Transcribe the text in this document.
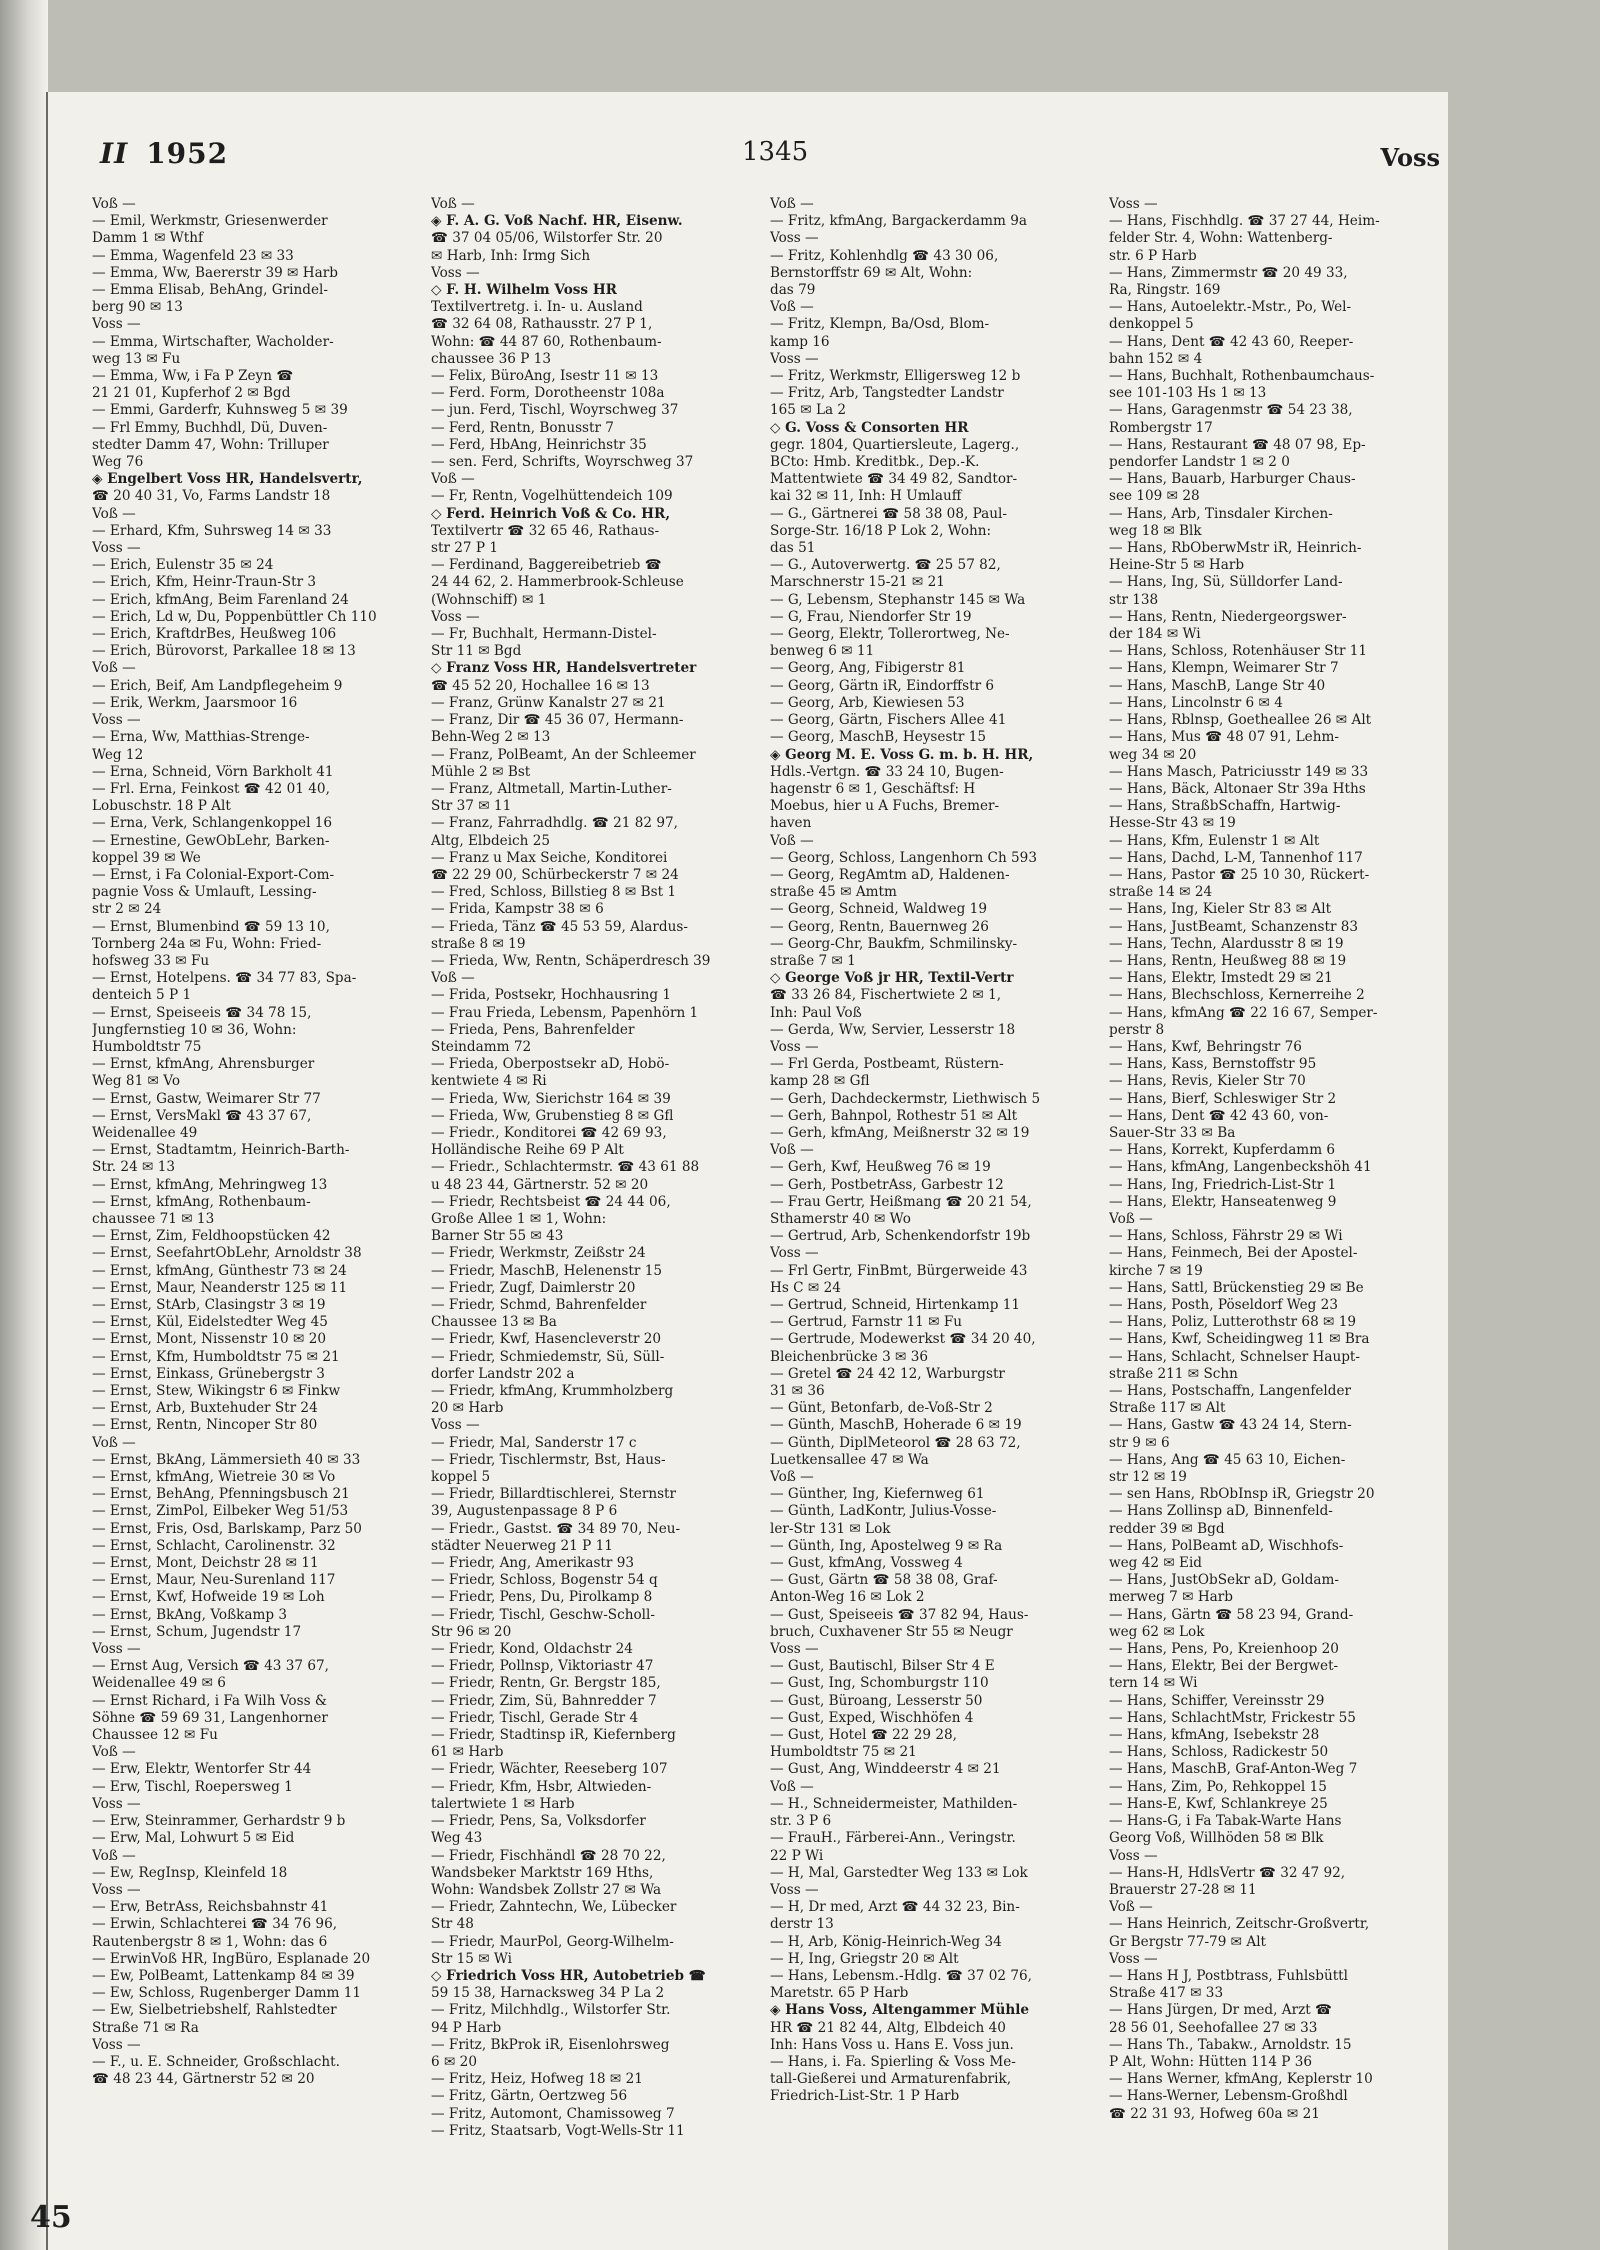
II 1952	1345	Voss
Voß —
— Emil, Werkmstr, Griesenwerder
Damm 1 ✉ Wthf
— Emma, Wagenfeld 23 ✉ 33
— Emma, Ww, Baererstr 39 ✉ Harb
— Emma Elisab, BehAng, Grindel-
berg 90 ✉ 13
Voss —
— Emma, Wirtschafter, Wacholder-
weg 13 ✉ Fu
— Emma, Ww, i Fa P Zeyn ☎
21 21 01, Kupferhof 2 ✉ Bgd
— Emmi, Garderfr, Kuhnsweg 5 ✉ 39
— Frl Emmy, Buchhdl, Dü, Duven-
stedter Damm 47, Wohn: Trilluper
Weg 76
◈ Engelbert Voss HR, Handelsvertr,
☎ 20 40 31, Vo, Farms Landstr 18
Voß —
— Erhard, Kfm, Suhrsweg 14 ✉ 33
Voss —
— Erich, Eulenstr 35 ✉ 24
— Erich, Kfm, Heinr-Traun-Str 3
— Erich, kfmAng, Beim Farenland 24
— Erich, Ld w, Du, Poppenbüttler Ch 110
— Erich, KraftdrBes, Heußweg 106
— Erich, Bürovorst, Parkallee 18 ✉ 13
Voß —
— Erich, Beif, Am Landpflegeheim 9
— Erik, Werkm, Jaarsmoor 16
Voss —
— Erna, Ww, Matthias-Strenge-
Weg 12
— Erna, Schneid, Vörn Barkholt 41
— Frl. Erna, Feinkost ☎ 42 01 40,
Lobuschstr. 18 P Alt
— Erna, Verk, Schlangenkoppel 16
— Ernestine, GewObLehr, Barken-
koppel 39 ✉ We
— Ernst, i Fa Colonial-Export-Com-
pagnie Voss & Umlauft, Lessing-
str 2 ✉ 24
— Ernst, Blumenbind ☎ 59 13 10,
Tornberg 24a ✉ Fu, Wohn: Fried-
hofsweg 33 ✉ Fu
— Ernst, Hotelpens. ☎ 34 77 83, Spa-
denteich 5 P 1
— Ernst, Speiseeis ☎ 34 78 15,
Jungfernstieg 10 ✉ 36, Wohn:
Humboldtstr 75
— Ernst, kfmAng, Ahrensburger
Weg 81 ✉ Vo
— Ernst, Gastw, Weimarer Str 77
— Ernst, VersMakl ☎ 43 37 67,
Weidenallee 49
— Ernst, Stadtamtm, Heinrich-Barth-
Str. 24 ✉ 13
— Ernst, kfmAng, Mehringweg 13
— Ernst, kfmAng, Rothenbaum-
chaussee 71 ✉ 13
— Ernst, Zim, Feldhoopstücken 42
— Ernst, SeefahrtObLehr, Arnoldstr 38
— Ernst, kfmAng, Günthestr 73 ✉ 24
— Ernst, Maur, Neanderstr 125 ✉ 11
— Ernst, StArb, Clasingstr 3 ✉ 19
— Ernst, Kül, Eidelstedter Weg 45
— Ernst, Mont, Nissenstr 10 ✉ 20
— Ernst, Kfm, Humboldtstr 75 ✉ 21
— Ernst, Einkass, Grünebergstr 3
— Ernst, Stew, Wikingstr 6 ✉ Finkw
— Ernst, Arb, Buxtehuder Str 24
— Ernst, Rentn, Nincoper Str 80
Voß —
— Ernst, BkAng, Lämmersieth 40 ✉ 33
— Ernst, kfmAng, Wietreie 30 ✉ Vo
— Ernst, BehAng, Pfenningsbusch 21
— Ernst, ZimPol, Eilbeker Weg 51/53
— Ernst, Fris, Osd, Barlskamp, Parz 50
— Ernst, Schlacht, Carolinenstr. 32
— Ernst, Mont, Deichstr 28 ✉ 11
— Ernst, Maur, Neu-Surenland 117
— Ernst, Kwf, Hofweide 19 ✉ Loh
— Ernst, BkAng, Voßkamp 3
— Ernst, Schum, Jugendstr 17
Voss —
— Ernst Aug, Versich ☎ 43 37 67,
Weidenallee 49 ✉ 6
— Ernst Richard, i Fa Wilh Voss &
Söhne ☎ 59 69 31, Langenhorner
Chaussee 12 ✉ Fu
Voß —
— Erw, Elektr, Wentorfer Str 44
— Erw, Tischl, Roepersweg 1
Voss —
— Erw, Steinrammer, Gerhardstr 9 b
— Erw, Mal, Lohwurt 5 ✉ Eid
Voß —
— Ew, RegInsp, Kleinfeld 18
Voss —
— Erw, BetrAss, Reichsbahnstr 41
— Erwin, Schlachterei ☎ 34 76 96,
Rautenbergstr 8 ✉ 1, Wohn: das 6
— ErwinVoß HR, IngBüro, Esplanade 20
— Ew, PolBeamt, Lattenkamp 84 ✉ 39
— Ew, Schloss, Rugenberger Damm 11
— Ew, Sielbetriebshelf, Rahlstedter
Straße 71 ✉ Ra
Voss —
— F., u. E. Schneider, Großschlacht.
☎ 48 23 44, Gärtnerstr 52 ✉ 20
Voß —
◈ F. A. G. Voß Nachf. HR, Eisenw.
☎ 37 04 05/06, Wilstorfer Str. 20
✉ Harb, Inh: Irmg Sich
Voss —
◇ F. H. Wilhelm Voss HR
Textilvertretg. i. In- u. Ausland
☎ 32 64 08, Rathausstr. 27 P 1,
Wohn: ☎ 44 87 60, Rothenbaum-
chaussee 36 P 13
— Felix, BüroAng, Isestr 11 ✉ 13
— Ferd. Form, Dorotheenstr 108a
— jun. Ferd, Tischl, Woyrschweg 37
— Ferd, Rentn, Bonusstr 7
— Ferd, HbAng, Heinrichstr 35
— sen. Ferd, Schrifts, Woyrschweg 37
Voß —
— Fr, Rentn, Vogelhüttendeich 109
◇ Ferd. Heinrich Voß & Co. HR,
Textilvertr ☎ 32 65 46, Rathaus-
str 27 P 1
— Ferdinand, Baggereibetrieb ☎
24 44 62, 2. Hammerbrook-Schleuse
(Wohnschiff) ✉ 1
Voss —
— Fr, Buchhalt, Hermann-Distel-
Str 11 ✉ Bgd
◇ Franz Voss HR, Handelsvertreter
☎ 45 52 20, Hochallee 16 ✉ 13
— Franz, Grünw Kanalstr 27 ✉ 21
— Franz, Dir ☎ 45 36 07, Hermann-
Behn-Weg 2 ✉ 13
— Franz, PolBeamt, An der Schleemer
Mühle 2 ✉ Bst
— Franz, Altmetall, Martin-Luther-
Str 37 ✉ 11
— Franz, Fahrradhdlg. ☎ 21 82 97,
Altg, Elbdeich 25
— Franz u Max Seiche, Konditorei
☎ 22 29 00, Schürbeckerstr 7 ✉ 24
— Fred, Schloss, Billstieg 8 ✉ Bst 1
— Frida, Kampstr 38 ✉ 6
— Frieda, Tänz ☎ 45 53 59, Alardus-
straße 8 ✉ 19
— Frieda, Ww, Rentn, Schäperdresch 39
Voß —
— Frida, Postsekr, Hochhausring 1
— Frau Frieda, Lebensm, Papenhörn 1
— Frieda, Pens, Bahrenfelder
Steindamm 72
— Frieda, Oberpostsekr aD, Hobö-
kentwiete 4 ✉ Ri
— Frieda, Ww, Sierichstr 164 ✉ 39
— Frieda, Ww, Grubenstieg 8 ✉ Gfl
— Friedr., Konditorei ☎ 42 69 93,
Holländische Reihe 69 P Alt
— Friedr., Schlachtermstr. ☎ 43 61 88
u 48 23 44, Gärtnerstr. 52 ✉ 20
— Friedr, Rechtsbeist ☎ 24 44 06,
Große Allee 1 ✉ 1, Wohn:
Barner Str 55 ✉ 43
— Friedr, Werkmstr, Zeißstr 24
— Friedr, MaschB, Helenenstr 15
— Friedr, Zugf, Daimlerstr 20
— Friedr, Schmd, Bahrenfelder
Chaussee 13 ✉ Ba
— Friedr, Kwf, Hasencleverstr 20
— Friedr, Schmiedemstr, Sü, Süll-
dorfer Landstr 202 a
— Friedr, kfmAng, Krummholzberg
20 ✉ Harb
Voss —
— Friedr, Mal, Sanderstr 17 c
— Friedr, Tischlermstr, Bst, Haus-
koppel 5
— Friedr, Billardtischlerei, Sternstr
39, Augustenpassage 8 P 6
— Friedr., Gastst. ☎ 34 89 70, Neu-
städter Neuerweg 21 P 11
— Friedr, Ang, Amerikastr 93
— Friedr, Schloss, Bogenstr 54 q
— Friedr, Pens, Du, Pirolkamp 8
— Friedr, Tischl, Geschw-Scholl-
Str 96 ✉ 20
— Friedr, Kond, Oldachstr 24
— Friedr, Pollnsp, Viktoriastr 47
— Friedr, Rentn, Gr. Bergstr 185,
— Friedr, Zim, Sü, Bahnredder 7
— Friedr, Tischl, Gerade Str 4
— Friedr, Stadtinsp iR, Kiefernberg
61 ✉ Harb
— Friedr, Wächter, Reeseberg 107
— Friedr, Kfm, Hsbr, Altwieden-
talertwiete 1 ✉ Harb
— Friedr, Pens, Sa, Volksdorfer
Weg 43
— Friedr, Fischhändl ☎ 28 70 22,
Wandsbeker Marktstr 169 Hths,
Wohn: Wandsbek Zollstr 27 ✉ Wa
— Friedr, Zahntechn, We, Lübecker
Str 48
— Friedr, MaurPol, Georg-Wilhelm-
Str 15 ✉ Wi
◇ Friedrich Voss HR, Autobetrieb ☎
59 15 38, Harnacksweg 34 P La 2
— Fritz, Milchhdlg., Wilstorfer Str.
94 P Harb
— Fritz, BkProk iR, Eisenlohrsweg
6 ✉ 20
— Fritz, Heiz, Hofweg 18 ✉ 21
— Fritz, Gärtn, Oertzweg 56
— Fritz, Automont, Chamissoweg 7
— Fritz, Staatsarb, Vogt-Wells-Str 11
Voß —
— Fritz, kfmAng, Bargackerdamm 9a
Voss —
— Fritz, Kohlenhdlg ☎ 43 30 06,
Bernstorffstr 69 ✉ Alt, Wohn:
das 79
Voß —
— Fritz, Klempn, Ba/Osd, Blom-
kamp 16
Voss —
— Fritz, Werkmstr, Elligersweg 12 b
— Fritz, Arb, Tangstedter Landstr
165 ✉ La 2
◇ G. Voss & Consorten HR
gegr. 1804, Quartiersleute, Lagerg.,
BCto: Hmb. Kreditbk., Dep.-K.
Mattentwiete ☎ 34 49 82, Sandtor-
kai 32 ✉ 11, Inh: H Umlauff
— G., Gärtnerei ☎ 58 38 08, Paul-
Sorge-Str. 16/18 P Lok 2, Wohn:
das 51
— G., Autoverwertg. ☎ 25 57 82,
Marschnerstr 15-21 ✉ 21
— G, Lebensm, Stephanstr 145 ✉ Wa
— G, Frau, Niendorfer Str 19
— Georg, Elektr, Tollerortweg, Ne-
benweg 6 ✉ 11
— Georg, Ang, Fibigerstr 81
— Georg, Gärtn iR, Eindorffstr 6
— Georg, Arb, Kiewiesen 53
— Georg, Gärtn, Fischers Allee 41
— Georg, MaschB, Heysestr 15
◈ Georg M. E. Voss G. m. b. H. HR,
Hdls.-Vertgn. ☎ 33 24 10, Bugen-
hagenstr 6 ✉ 1, Geschäftsf: H
Moebus, hier u A Fuchs, Bremer-
haven
Voß —
— Georg, Schloss, Langenhorn Ch 593
— Georg, RegAmtm aD, Haldenen-
straße 45 ✉ Amtm
— Georg, Schneid, Waldweg 19
— Georg, Rentn, Bauernweg 26
— Georg-Chr, Baukfm, Schmilinsky-
straße 7 ✉ 1
◇ George Voß jr HR, Textil-Vertr
☎ 33 26 84, Fischertwiete 2 ✉ 1,
Inh: Paul Voß
— Gerda, Ww, Servier, Lesserstr 18
Voss —
— Frl Gerda, Postbeamt, Rüstern-
kamp 28 ✉ Gfl
— Gerh, Dachdeckermstr, Liethwisch 5
— Gerh, Bahnpol, Rothestr 51 ✉ Alt
— Gerh, kfmAng, Meißnerstr 32 ✉ 19
Voß —
— Gerh, Kwf, Heußweg 76 ✉ 19
— Gerh, PostbetrAss, Garbestr 12
— Frau Gertr, Heißmang ☎ 20 21 54,
Sthamerstr 40 ✉ Wo
— Gertrud, Arb, Schenkendorfstr 19b
Voss —
— Frl Gertr, FinBmt, Bürgerweide 43
Hs C ✉ 24
— Gertrud, Schneid, Hirtenkamp 11
— Gertrud, Farnstr 11 ✉ Fu
— Gertrude, Modewerkst ☎ 34 20 40,
Bleichenbrücke 3 ✉ 36
— Gretel ☎ 24 42 12, Warburgstr
31 ✉ 36
— Günt, Betonfarb, de-Voß-Str 2
— Günth, MaschB, Hoherade 6 ✉ 19
— Günth, DiplMeteorol ☎ 28 63 72,
Luetkensallee 47 ✉ Wa
Voß —
— Günther, Ing, Kiefernweg 61
— Günth, LadKontr, Julius-Vosse-
ler-Str 131 ✉ Lok
— Günth, Ing, Apostelweg 9 ✉ Ra
— Gust, kfmAng, Vossweg 4
— Gust, Gärtn ☎ 58 38 08, Graf-
Anton-Weg 16 ✉ Lok 2
— Gust, Speiseeis ☎ 37 82 94, Haus-
bruch, Cuxhavener Str 55 ✉ Neugr
Voss —
— Gust, Bautischl, Bilser Str 4 E
— Gust, Ing, Schomburgstr 110
— Gust, Büroang, Lesserstr 50
— Gust, Exped, Wischhöfen 4
— Gust, Hotel ☎ 22 29 28,
Humboldtstr 75 ✉ 21
— Gust, Ang, Winddeerstr 4 ✉ 21
Voß —
— H., Schneidermeister, Mathilden-
str. 3 P 6
— FrauH., Färberei-Ann., Veringstr.
22 P Wi
— H, Mal, Garstedter Weg 133 ✉ Lok
Voss —
— H, Dr med, Arzt ☎ 44 32 23, Bin-
derstr 13
— H, Arb, König-Heinrich-Weg 34
— H, Ing, Griegstr 20 ✉ Alt
— Hans, Lebensm.-Hdlg. ☎ 37 02 76,
Maretstr. 65 P Harb
◈ Hans Voss, Altengammer Mühle
HR ☎ 21 82 44, Altg, Elbdeich 40
Inh: Hans Voss u. Hans E. Voss jun.
— Hans, i. Fa. Spierling & Voss Me-
tall-Gießerei und Armaturenfabrik,
Friedrich-List-Str. 1 P Harb
Voss —
— Hans, Fischhdlg. ☎ 37 27 44, Heim-
felder Str. 4, Wohn: Wattenberg-
str. 6 P Harb
— Hans, Zimmermstr ☎ 20 49 33,
Ra, Ringstr. 169
— Hans, Autoelektr.-Mstr., Po, Wel-
denkoppel 5
— Hans, Dent ☎ 42 43 60, Reeper-
bahn 152 ✉ 4
— Hans, Buchhalt, Rothenbaumchaus-
see 101-103 Hs 1 ✉ 13
— Hans, Garagenmstr ☎ 54 23 38,
Rombergstr 17
— Hans, Restaurant ☎ 48 07 98, Ep-
pendorfer Landstr 1 ✉ 2 0
— Hans, Bauarb, Harburger Chaus-
see 109 ✉ 28
— Hans, Arb, Tinsdaler Kirchen-
weg 18 ✉ Blk
— Hans, RbOberwMstr iR, Heinrich-
Heine-Str 5 ✉ Harb
— Hans, Ing, Sü, Sülldorfer Land-
str 138
— Hans, Rentn, Niedergeorgswer-
der 184 ✉ Wi
— Hans, Schloss, Rotenhäuser Str 11
— Hans, Klempn, Weimarer Str 7
— Hans, MaschB, Lange Str 40
— Hans, Lincolnstr 6 ✉ 4
— Hans, Rblnsp, Goetheallee 26 ✉ Alt
— Hans, Mus ☎ 48 07 91, Lehm-
weg 34 ✉ 20
— Hans Masch, Patriciusstr 149 ✉ 33
— Hans, Bäck, Altonaer Str 39a Hths
— Hans, StraßbSchaffn, Hartwig-
Hesse-Str 43 ✉ 19
— Hans, Kfm, Eulenstr 1 ✉ Alt
— Hans, Dachd, L-M, Tannenhof 117
— Hans, Pastor ☎ 25 10 30, Rückert-
straße 14 ✉ 24
— Hans, Ing, Kieler Str 83 ✉ Alt
— Hans, JustBeamt, Schanzenstr 83
— Hans, Techn, Alardusstr 8 ✉ 19
— Hans, Rentn, Heußweg 88 ✉ 19
— Hans, Elektr, Imstedt 29 ✉ 21
— Hans, Blechschloss, Kernerreihe 2
— Hans, kfmAng ☎ 22 16 67, Semper-
perstr 8
— Hans, Kwf, Behringstr 76
— Hans, Kass, Bernstoffstr 95
— Hans, Revis, Kieler Str 70
— Hans, Bierf, Schleswiger Str 2
— Hans, Dent ☎ 42 43 60, von-
Sauer-Str 33 ✉ Ba
— Hans, Korrekt, Kupferdamm 6
— Hans, kfmAng, Langenbeckshöh 41
— Hans, Ing, Friedrich-List-Str 1
— Hans, Elektr, Hanseatenweg 9
Voß —
— Hans, Schloss, Fährstr 29 ✉ Wi
— Hans, Feinmech, Bei der Apostel-
kirche 7 ✉ 19
— Hans, Sattl, Brückenstieg 29 ✉ Be
— Hans, Posth, Pöseldorf Weg 23
— Hans, Poliz, Lutterothstr 68 ✉ 19
— Hans, Kwf, Scheidingweg 11 ✉ Bra
— Hans, Schlacht, Schnelser Haupt-
straße 211 ✉ Schn
— Hans, Postschaffn, Langenfelder
Straße 117 ✉ Alt
— Hans, Gastw ☎ 43 24 14, Stern-
str 9 ✉ 6
— Hans, Ang ☎ 45 63 10, Eichen-
str 12 ✉ 19
— sen Hans, RbObInsp iR, Griegstr 20
— Hans Zollinsp aD, Binnenfeld-
redder 39 ✉ Bgd
— Hans, PolBeamt aD, Wischhofs-
weg 42 ✉ Eid
— Hans, JustObSekr aD, Goldam-
merweg 7 ✉ Harb
— Hans, Gärtn ☎ 58 23 94, Grand-
weg 62 ✉ Lok
— Hans, Pens, Po, Kreienhoop 20
— Hans, Elektr, Bei der Bergwet-
tern 14 ✉ Wi
— Hans, Schiffer, Vereinsstr 29
— Hans, SchlachtMstr, Frickestr 55
— Hans, kfmAng, Isebekstr 28
— Hans, Schloss, Radickestr 50
— Hans, MaschB, Graf-Anton-Weg 7
— Hans, Zim, Po, Rehkoppel 15
— Hans-E, Kwf, Schlankreye 25
— Hans-G, i Fa Tabak-Warte Hans
Georg Voß, Willhöden 58 ✉ Blk
Voss —
— Hans-H, HdlsVertr ☎ 32 47 92,
Brauerstr 27-28 ✉ 11
Voß —
— Hans Heinrich, Zeitschr-Großvertr,
Gr Bergstr 77-79 ✉ Alt
Voss —
— Hans H J, Postbtrass, Fuhlsbüttl
Straße 417 ✉ 33
— Hans Jürgen, Dr med, Arzt ☎
28 56 01, Seehofallee 27 ✉ 33
— Hans Th., Tabakw., Arnoldstr. 15
P Alt, Wohn: Hütten 114 P 36
— Hans Werner, kfmAng, Keplerstr 10
— Hans-Werner, Lebensm-Großhdl
☎ 22 31 93, Hofweg 60a ✉ 21
45
